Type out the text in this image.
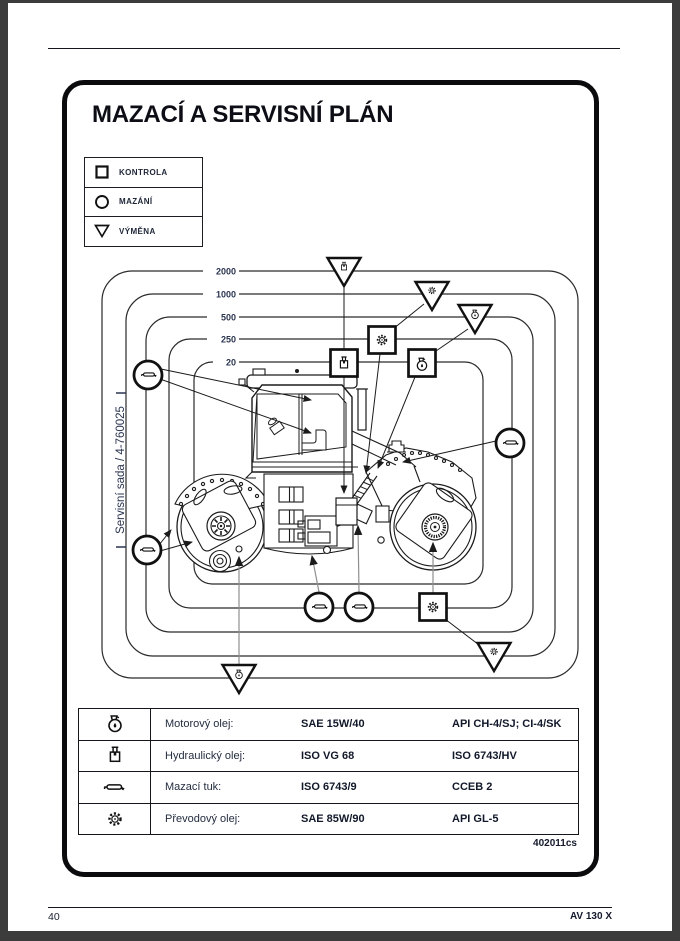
MAZACÍ A SERVISNÍ PLÁN
KONTROLA
MAZÁNÍ
VÝMĚNA
2000
1000
500
250
20
Servisní sada / 4-760025
Motorový olej:	SAE 15W/40	API CH-4/SJ; CI-4/SK
Hydraulický olej:	ISO VG 68	ISO 6743/HV
Mazací tuk:	ISO 6743/9	CCEB 2
Převodový olej:	SAE 85W/90	API GL-5
402011cs
40	AV 130 X
